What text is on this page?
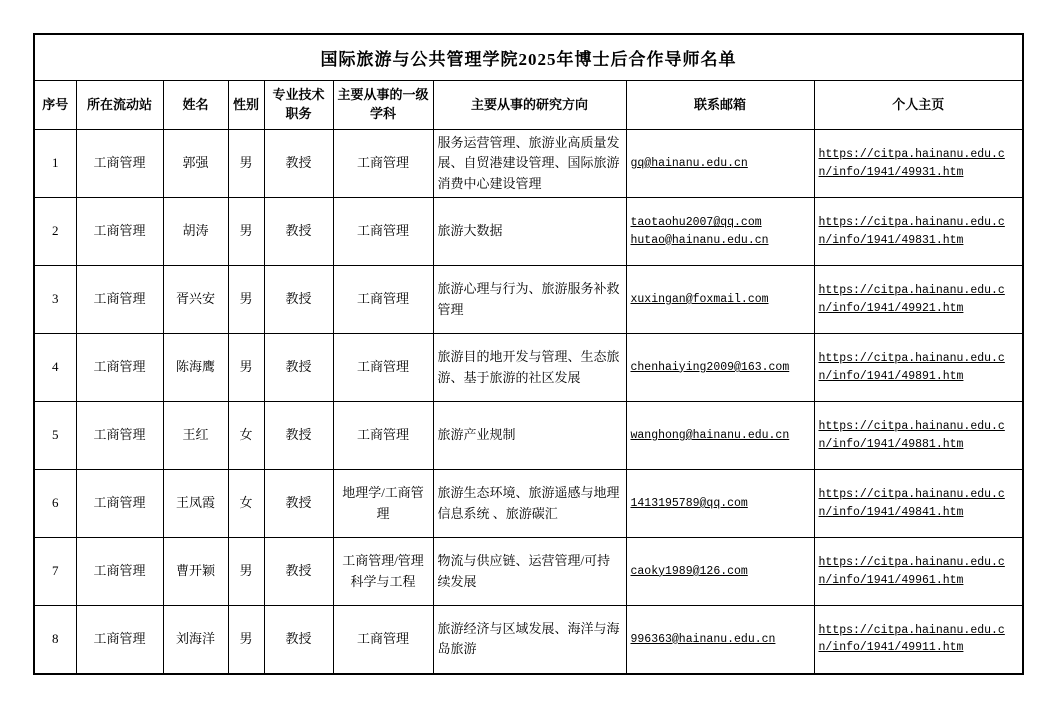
国际旅游与公共管理学院2025年博士后合作导师名单								
序号	所在流动站	姓名	性别	专业技术职务	主要从事的一级学科	主要从事的研究方向	联系邮箱	个人主页
1	工商管理	郭强	男	教授	工商管理	服务运营管理、旅游业高质量发展、自贸港建设管理、国际旅游消费中心建设管理	gq@hainanu.edu.cn	https://citpa.hainanu.edu.cn/info/1941/49931.htm

2	工商管理	胡涛	男	教授	工商管理	旅游大数据	taotaohu2007@qq.com
hutao@hainanu.edu.cn	https://citpa.hainanu.edu.cn/info/1941/49831.htm

3	工商管理	胥兴安	男	教授	工商管理	旅游心理与行为、旅游服务补救管理	xuxingan@foxmail.com	https://citpa.hainanu.edu.cn/info/1941/49921.htm

4	工商管理	陈海鹰	男	教授	工商管理	旅游目的地开发与管理、生态旅游、基于旅游的社区发展	chenhaiying2009@163.com	https://citpa.hainanu.edu.cn/info/1941/49891.htm

5	工商管理	王红	女	教授	工商管理	旅游产业规制	wanghong@hainanu.edu.cn	https://citpa.hainanu.edu.cn/info/1941/49881.htm

6	工商管理	王凤霞	女	教授	地理学/工商管理	旅游生态环境、旅游遥感与地理信息系统 、旅游碳汇	1413195789@qq.com	https://citpa.hainanu.edu.cn/info/1941/49841.htm

7	工商管理	曹开颖	男	教授	工商管理/管理科学与工程	物流与供应链、运营管理/可持续发展	caoky1989@126.com	https://citpa.hainanu.edu.cn/info/1941/49961.htm

8	工商管理	刘海洋	男	教授	工商管理	旅游经济与区域发展、海洋与海岛旅游	996363@hainanu.edu.cn	https://citpa.hainanu.edu.cn/info/1941/49911.htm
